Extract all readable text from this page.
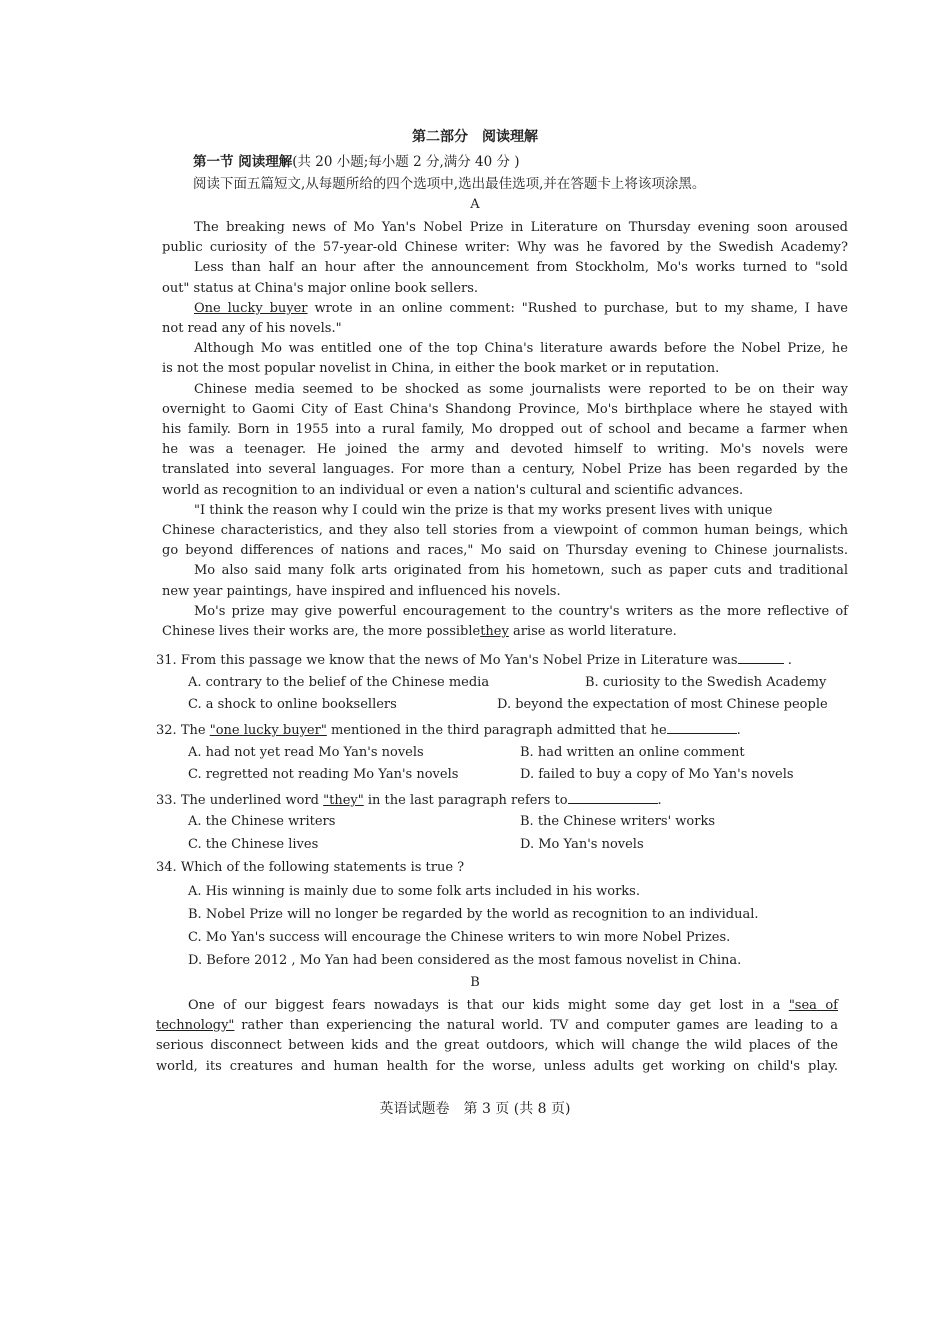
第二部分　阅读理解
第一节 阅读理解(共 20 小题;每小题 2 分,满分 40 分 )
阅读下面五篇短文,从每题所给的四个选项中,选出最佳选项,并在答题卡上将该项涂黑。
A
The breaking news of Mo Yan's Nobel Prize in Literature on Thursday evening soon aroused
public curiosity of the 57-year-old Chinese writer: Why was he favored by the Swedish Academy?
Less than half an hour after the announcement from Stockholm, Mo's works turned to "sold
out" status at China's major online book sellers.
One lucky buyer wrote in an online comment: "Rushed to purchase, but to my shame, I have
not read any of his novels."
Although Mo was entitled one of the top China's literature awards before the Nobel Prize, he
is not the most popular novelist in China, in either the book market or in reputation.
Chinese media seemed to be shocked as some journalists were reported to be on their way
overnight to Gaomi City of East China's Shandong Province, Mo's birthplace where he stayed with
his family. Born in 1955 into a rural family, Mo dropped out of school and became a farmer when
he was a teenager. He joined the army and devoted himself to writing. Mo's novels were
translated into several languages. For more than a century, Nobel Prize has been regarded by the
world as recognition to an individual or even a nation's cultural and scientific advances.
"I think the reason why I could win the prize is that my works present lives with unique
Chinese characteristics, and they also tell stories from a viewpoint of common human beings, which
go beyond differences of nations and races," Mo said on Thursday evening to Chinese journalists.
Mo also said many folk arts originated from his hometown, such as paper cuts and traditional
new year paintings, have inspired and influenced his novels.
Mo's prize may give powerful encouragement to the country's writers as the more reflective of
Chinese lives their works are, the more possiblethey arise as world literature.
31. From this passage we know that the news of Mo Yan's Nobel Prize in Literature was	.
A. contrary to the belief of the Chinese media	B. curiosity to the Swedish Academy
C. a shock to online booksellers	D. beyond the expectation of most Chinese people
32. The "one lucky buyer" mentioned in the third paragraph admitted that he	.
A. had not yet read Mo Yan's novels	B. had written an online comment
C. regretted not reading Mo Yan's novels	D. failed to buy a copy of Mo Yan's novels
33. The underlined word "they" in the last paragraph refers to	.
A. the Chinese writers	B. the Chinese writers' works
C. the Chinese lives	D. Mo Yan's novels
34. Which of the following statements is true ?
A. His winning is mainly due to some folk arts included in his works.
B. Nobel Prize will no longer be regarded by the world as recognition to an individual.
C. Mo Yan's success will encourage the Chinese writers to win more Nobel Prizes.
D. Before 2012 , Mo Yan had been considered as the most famous novelist in China.
B
One of our biggest fears nowadays is that our kids might some day get lost in a "sea of
technology" rather than experiencing the natural world. TV and computer games are leading to a
serious disconnect between kids and the great outdoors, which will change the wild places of the
world, its creatures and human health for the worse, unless adults get working on child's play.
英语试题卷　第 3 页 (共 8 页)
